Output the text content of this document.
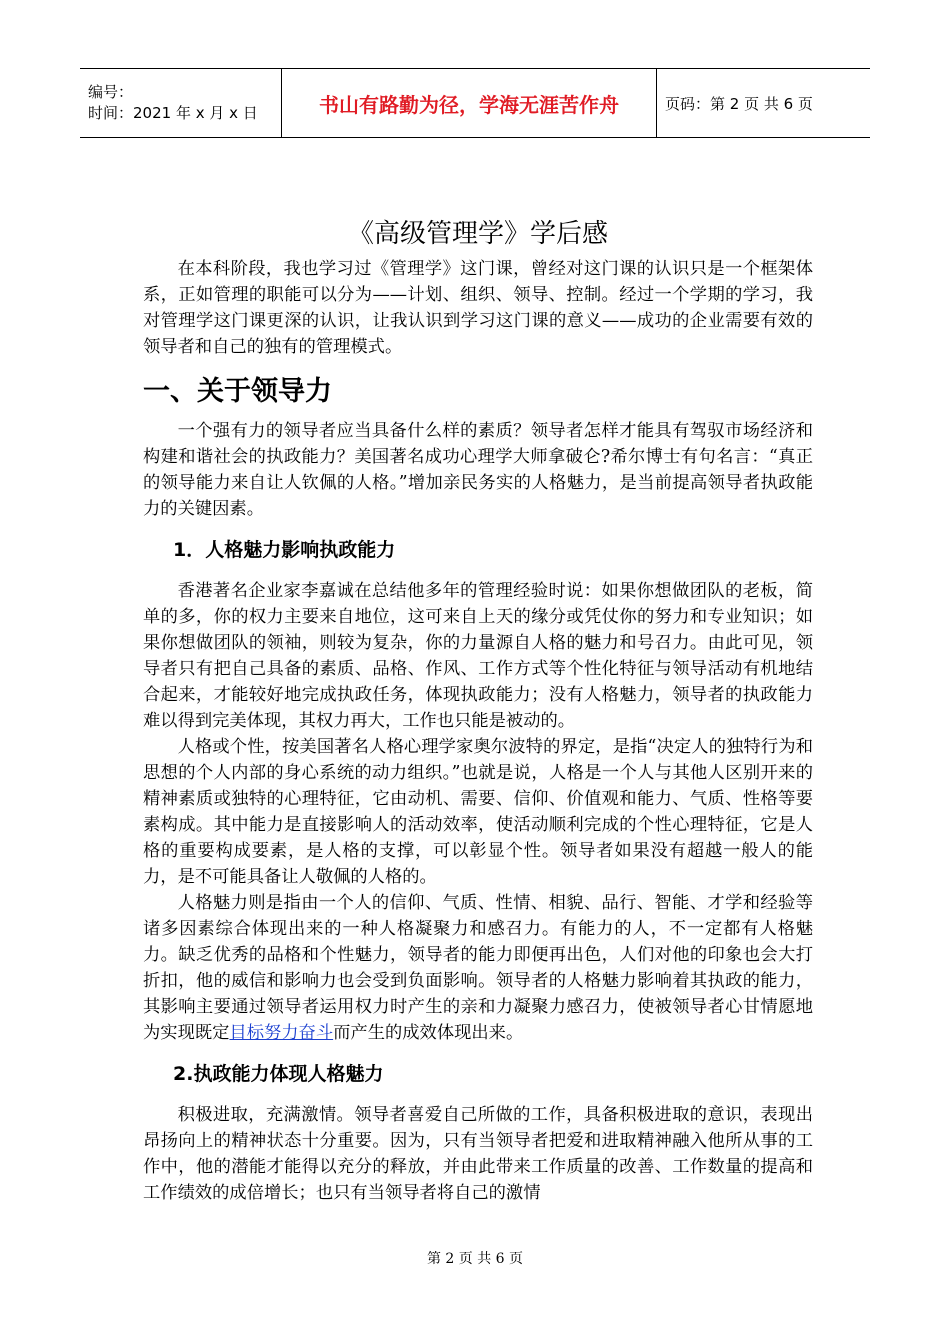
编号：
时间：2021 年 x 月 x 日	书山有路勤为径，学海无涯苦作舟	页码：第 2 页 共 6 页
《高级管理学》学后感

在本科阶段，我也学习过《管理学》这门课，曾经对这门课的认识只是一个框架体系，正如管理的职能可以分为——计划、组织、领导、控制。经过一个学期的学习，我对管理学这门课更深的认识，让我认识到学习这门课的意义——成功的企业需要有效的领导者和自己的独有的管理模式。

一、关于领导力

一个强有力的领导者应当具备什么样的素质？领导者怎样才能具有驾驭市场经济和构建和谐社会的执政能力？美国著名成功心理学大师拿破仑?希尔博士有句名言：“真正的领导能力来自让人钦佩的人格。”增加亲民务实的人格魅力，是当前提高领导者执政能力的关键因素。

1．人格魅力影响执政能力

香港著名企业家李嘉诚在总结他多年的管理经验时说：如果你想做团队的老板，简单的多，你的权力主要来自地位，这可来自上天的缘分或凭仗你的努力和专业知识；如果你想做团队的领袖，则较为复杂，你的力量源自人格的魅力和号召力。由此可见，领导者只有把自己具备的素质、品格、作风、工作方式等个性化特征与领导活动有机地结合起来，才能较好地完成执政任务，体现执政能力；没有人格魅力，领导者的执政能力难以得到完美体现，其权力再大，工作也只能是被动的。

人格或个性，按美国著名人格心理学家奥尔波特的界定，是指“决定人的独特行为和思想的个人内部的身心系统的动力组织。”也就是说，人格是一个人与其他人区别开来的精神素质或独特的心理特征，它由动机、需要、信仰、价值观和能力、气质、性格等要素构成。其中能力是直接影响人的活动效率，使活动顺利完成的个性心理特征，它是人格的重要构成要素，是人格的支撑，可以彰显个性。领导者如果没有超越一般人的能力，是不可能具备让人敬佩的人格的。

人格魅力则是指由一个人的信仰、气质、性情、相貌、品行、智能、才学和经验等诸多因素综合体现出来的一种人格凝聚力和感召力。有能力的人，不一定都有人格魅力。缺乏优秀的品格和个性魅力，领导者的能力即便再出色，人们对他的印象也会大打折扣，他的威信和影响力也会受到负面影响。领导者的人格魅力影响着其执政的能力，其影响主要通过领导者运用权力时产生的亲和力凝聚力感召力，使被领导者心甘情愿地为实现既定目标努力奋斗而产生的成效体现出来。

2.执政能力体现人格魅力

积极进取，充满激情。领导者喜爱自己所做的工作，具备积极进取的意识，表现出昂扬向上的精神状态十分重要。因为，只有当领导者把爱和进取精神融入他所从事的工作中，他的潜能才能得以充分的释放，并由此带来工作质量的改善、工作数量的提高和工作绩效的成倍增长；也只有当领导者将自己的激情

第 2 页 共 6 页
